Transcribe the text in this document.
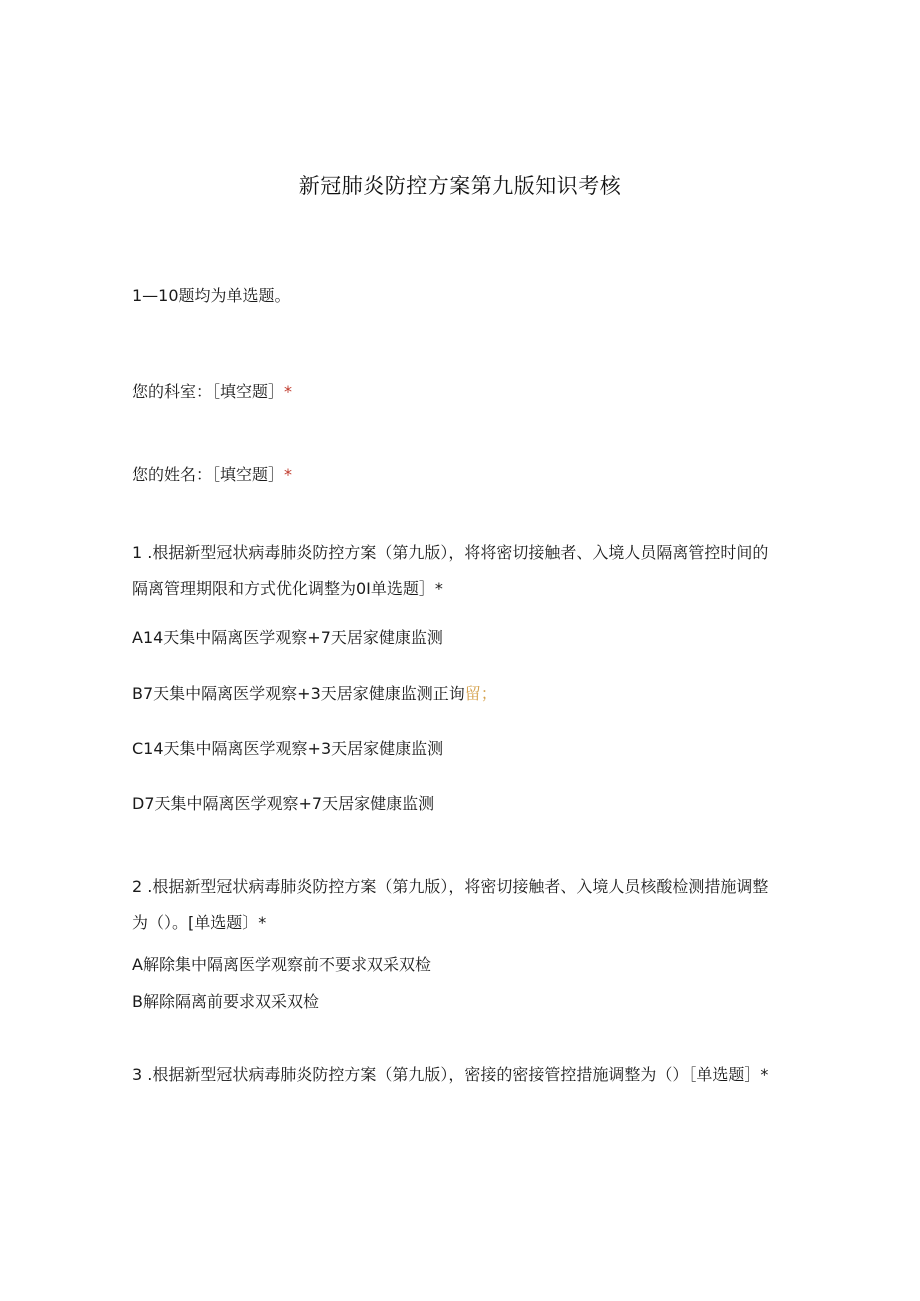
新冠肺炎防控方案第九版知识考核
1—10题均为单选题。
您的科室：［填空题］*
您的姓名：［填空题］*
1 .根据新型冠状病毒肺炎防控方案（第九版），将将密切接触者、入境人员隔离管控时间的隔离管理期限和方式优化调整为0I单选题］*
A14天集中隔离医学观察+7天居家健康监测
B7天集中隔离医学观察+3天居家健康监测正询留；
C14天集中隔离医学观察+3天居家健康监测
D7天集中隔离医学观察+7天居家健康监测
2 .根据新型冠状病毒肺炎防控方案（第九版），将密切接触者、入境人员核酸检测措施调整为（）。[单选题〕*
A解除集中隔离医学观察前不要求双采双检
B解除隔离前要求双采双检
3 .根据新型冠状病毒肺炎防控方案（第九版），密接的密接管控措施调整为（）［单选题］*
